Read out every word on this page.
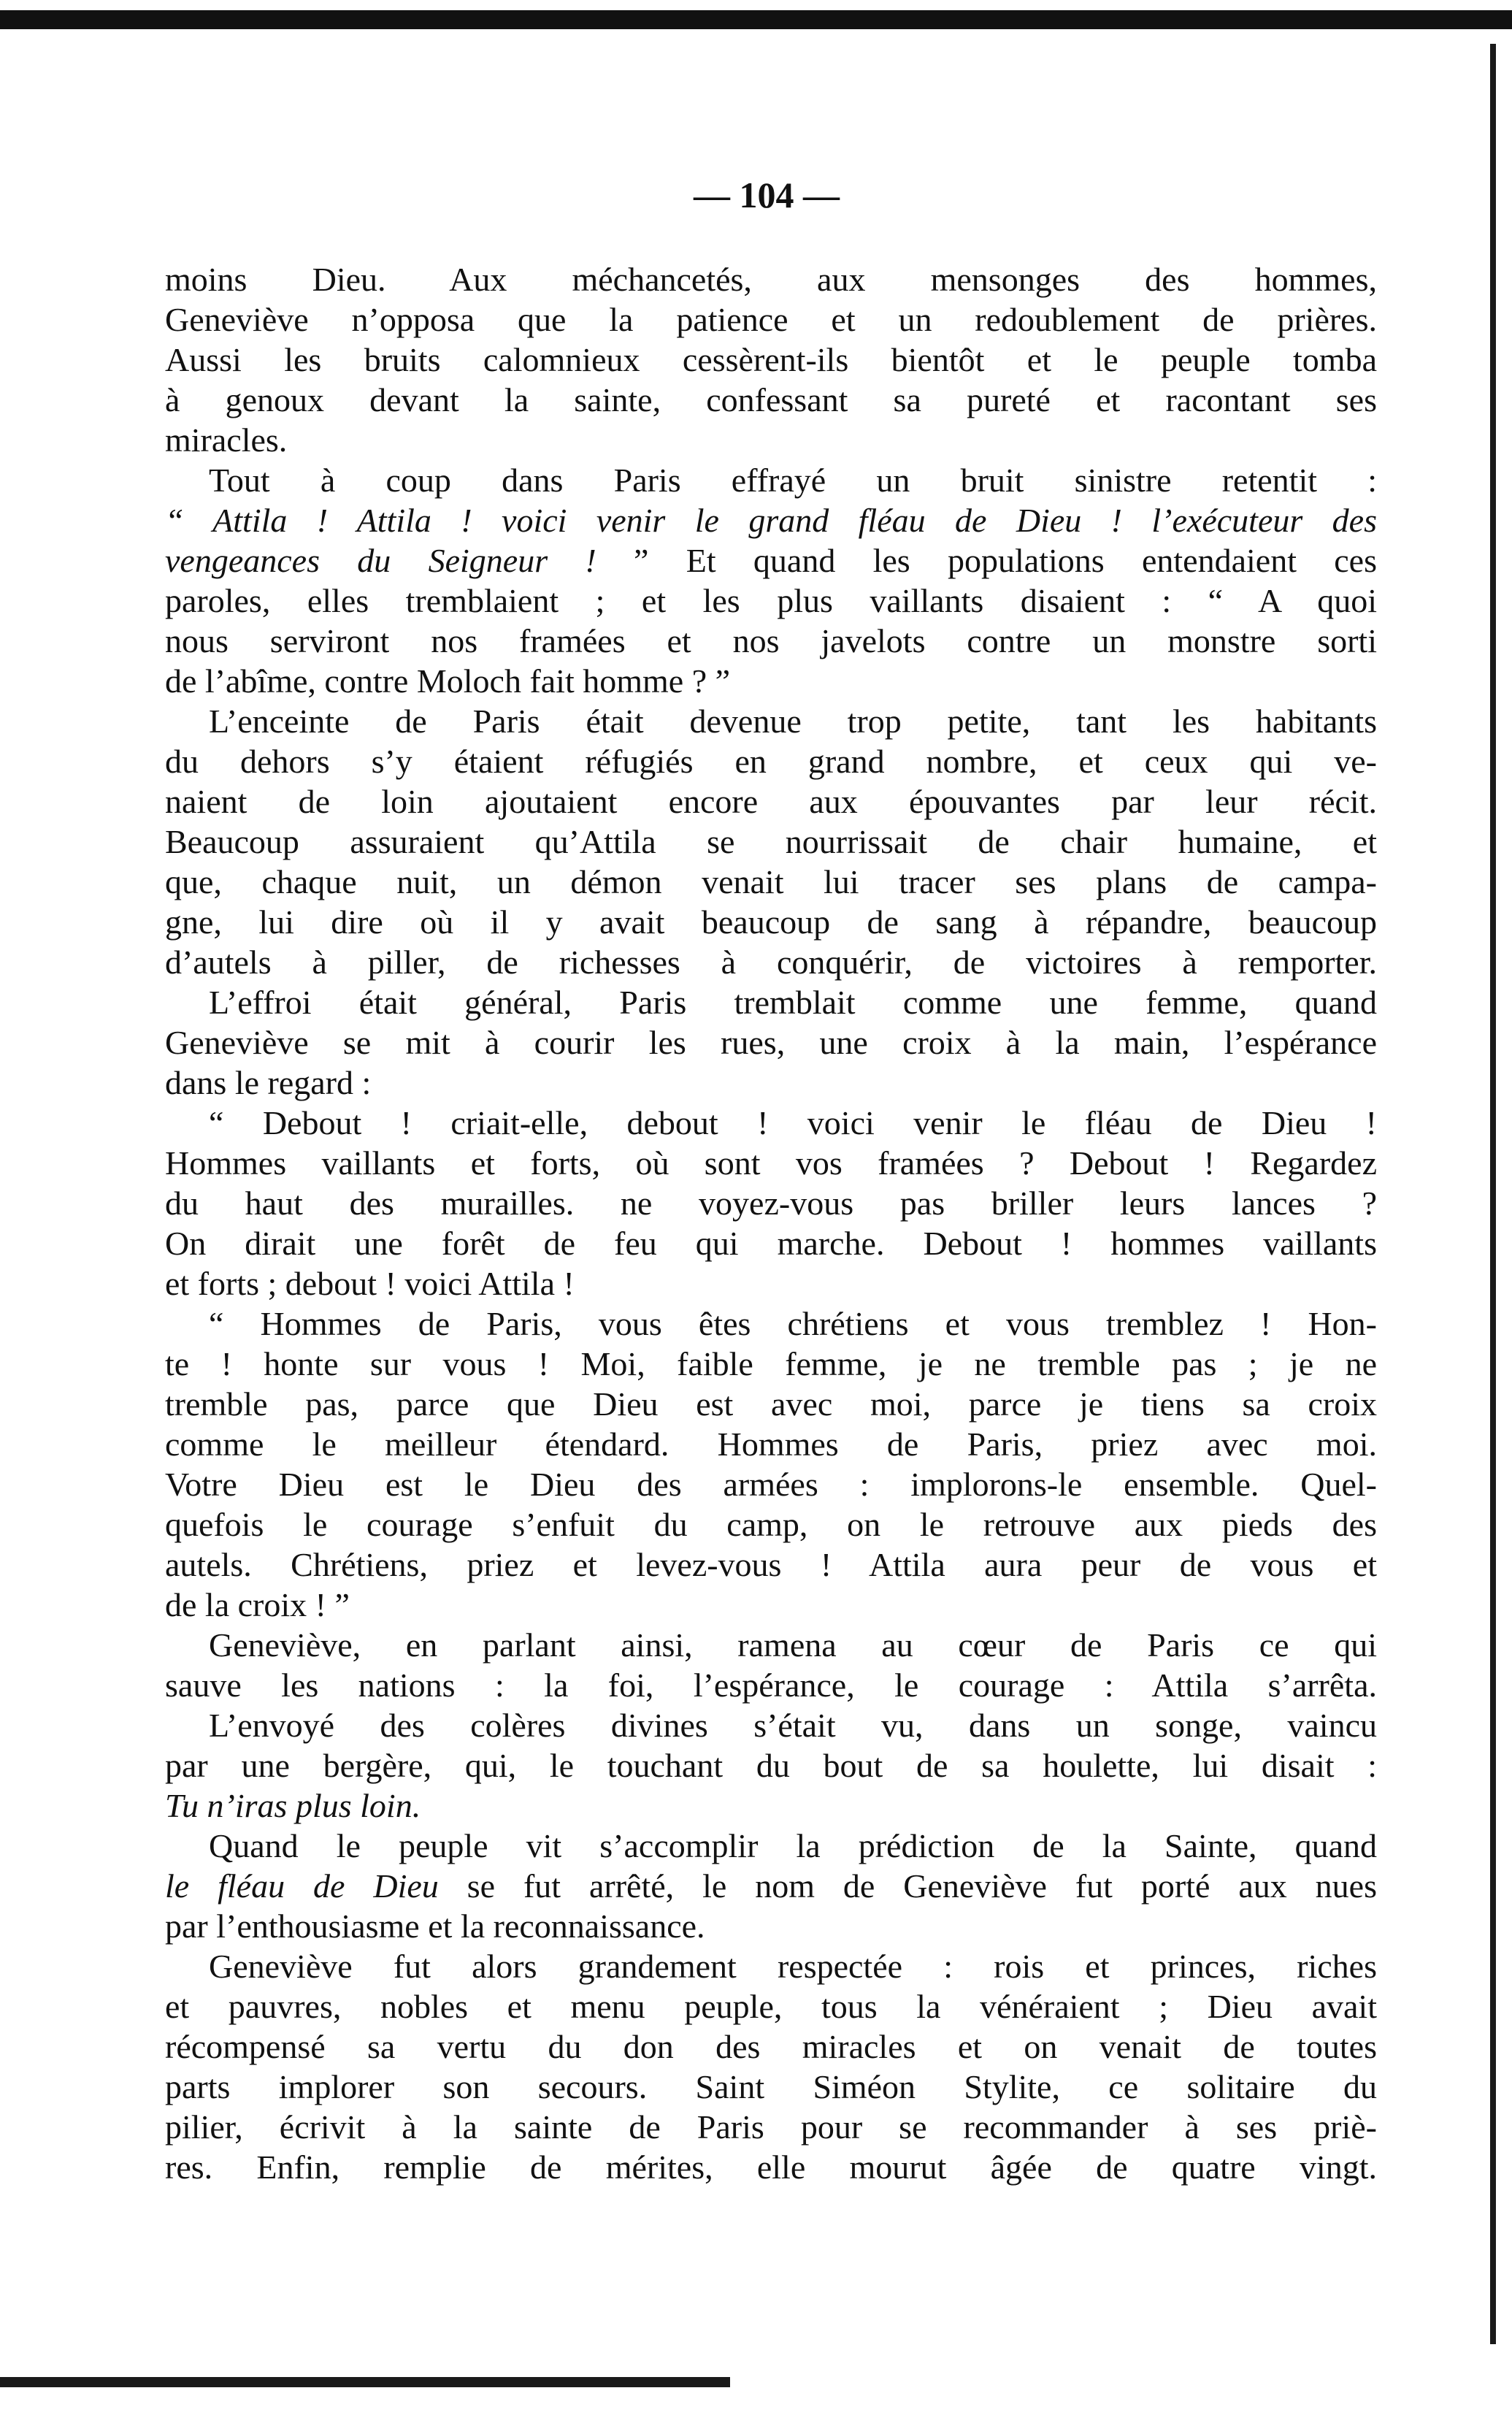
— 104 —
moins Dieu. Aux méchancetés, aux mensonges des hommes,
Geneviève n’opposa que la patience et un redoublement de prières.
Aussi les bruits calomnieux cessèrent-ils bientôt et le peuple tomba
à genoux devant la sainte, confessant sa pureté et racontant ses
miracles.
Tout à coup dans Paris effrayé un bruit sinistre retentit :
“ Attila ! Attila ! voici venir le grand fléau de Dieu ! l’exécuteur des
vengeances du Seigneur ! ” Et quand les populations entendaient ces
paroles, elles tremblaient ; et les plus vaillants disaient : “ A quoi
nous serviront nos framées et nos javelots contre un monstre sorti
de l’abîme, contre Moloch fait homme ? ”
L’enceinte de Paris était devenue trop petite, tant les habitants
du dehors s’y étaient réfugiés en grand nombre, et ceux qui ve-
naient de loin ajoutaient encore aux épouvantes par leur récit.
Beaucoup assuraient qu’Attila se nourrissait de chair humaine, et
que, chaque nuit, un démon venait lui tracer ses plans de campa-
gne, lui dire où il y avait beaucoup de sang à répandre, beaucoup
d’autels à piller, de richesses à conquérir, de victoires à remporter.
L’effroi était général, Paris tremblait comme une femme, quand
Geneviève se mit à courir les rues, une croix à la main, l’espérance
dans le regard :
“ Debout ! criait-elle, debout ! voici venir le fléau de Dieu !
Hommes vaillants et forts, où sont vos framées ? Debout ! Regardez
du haut des murailles. ne voyez-vous pas briller leurs lances ?
On dirait une forêt de feu qui marche. Debout ! hommes vaillants
et forts ; debout ! voici Attila !
“ Hommes de Paris, vous êtes chrétiens et vous tremblez ! Hon-
te ! honte sur vous ! Moi, faible femme, je ne tremble pas ; je ne
tremble pas, parce que Dieu est avec moi, parce je tiens sa croix
comme le meilleur étendard. Hommes de Paris, priez avec moi.
Votre Dieu est le Dieu des armées : implorons-le ensemble. Quel-
quefois le courage s’enfuit du camp, on le retrouve aux pieds des
autels. Chrétiens, priez et levez-vous ! Attila aura peur de vous et
de la croix ! ”
Geneviève, en parlant ainsi, ramena au cœur de Paris ce qui
sauve les nations : la foi, l’espérance, le courage : Attila s’arrêta.
L’envoyé des colères divines s’était vu, dans un songe, vaincu
par une bergère, qui, le touchant du bout de sa houlette, lui disait :
Tu n’iras plus loin.
Quand le peuple vit s’accomplir la prédiction de la Sainte, quand
le fléau de Dieu se fut arrêté, le nom de Geneviève fut porté aux nues
par l’enthousiasme et la reconnaissance.
Geneviève fut alors grandement respectée : rois et princes, riches
et pauvres, nobles et menu peuple, tous la vénéraient ; Dieu avait
récompensé sa vertu du don des miracles et on venait de toutes
parts implorer son secours. Saint Siméon Stylite, ce solitaire du
pilier, écrivit à la sainte de Paris pour se recommander à ses priè-
res. Enfin, remplie de mérites, elle mourut âgée de quatre vingt.
